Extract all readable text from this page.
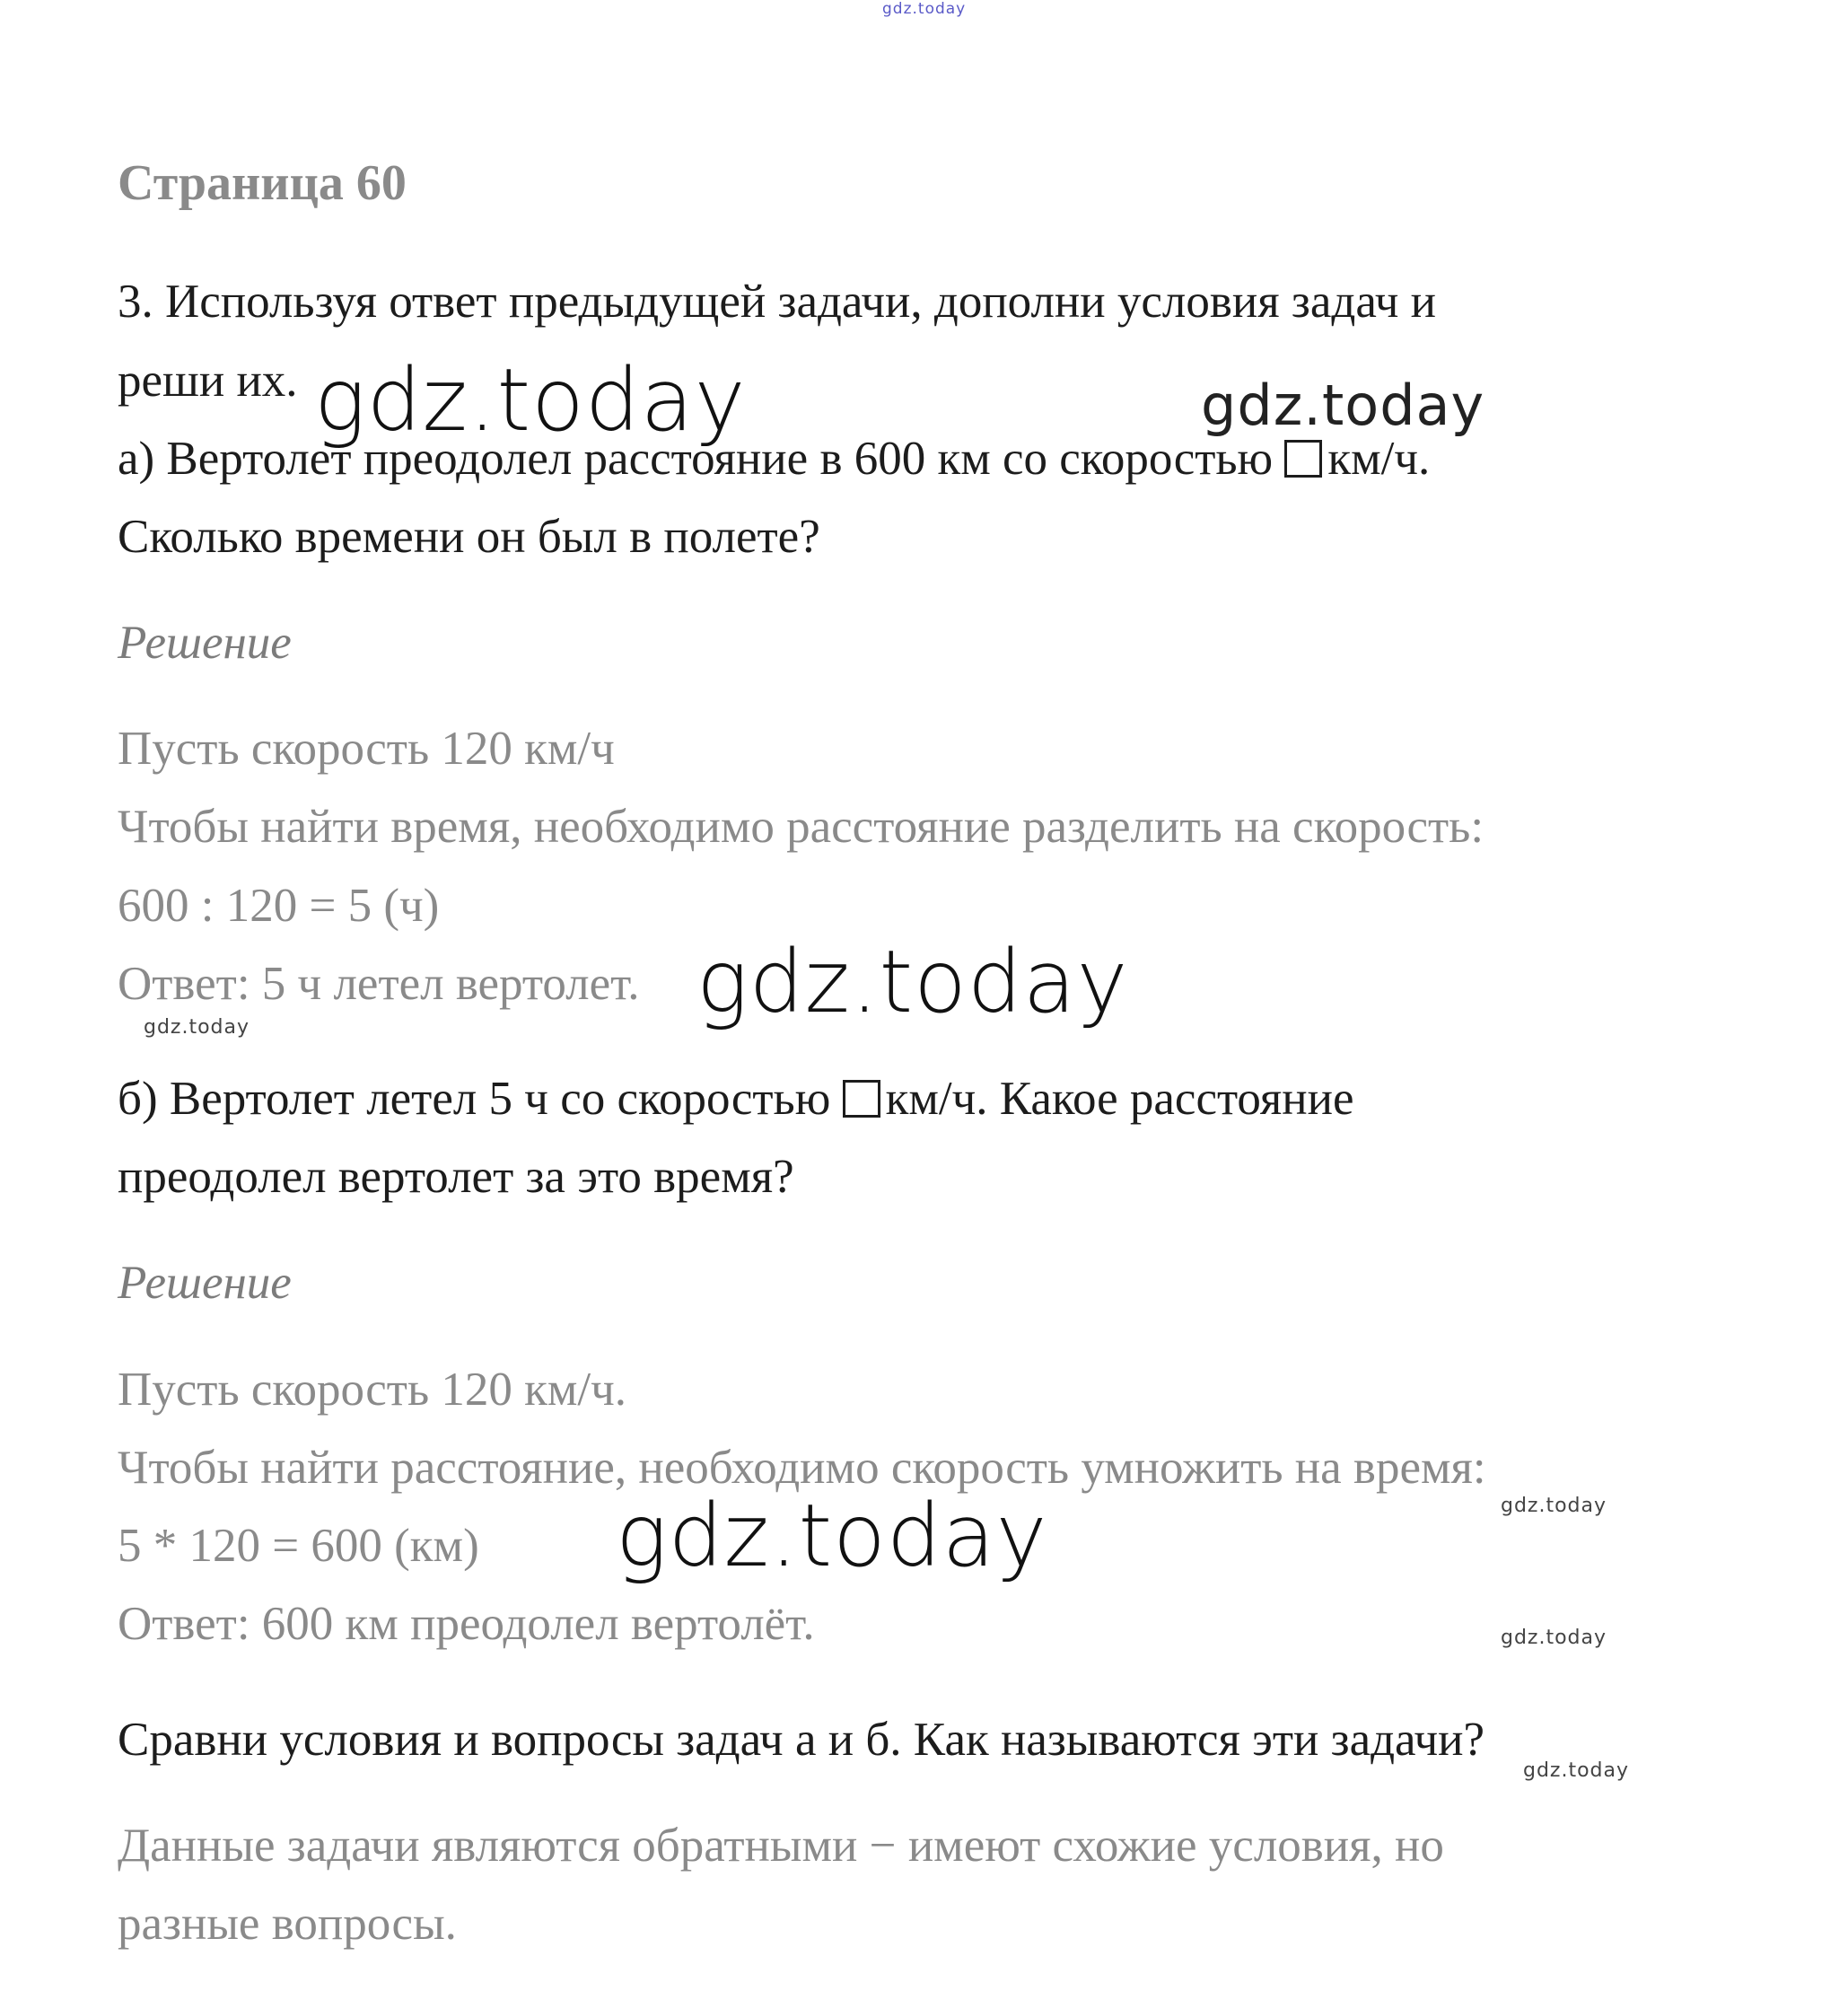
gdz.today
gdz.today	gdz.today
gdz.today
gdz.today
gdz.today	gdz.today
gdz.today
gdz.today
Страница 60
3. Используя ответ предыдущей задачи, дополни условия задач и
реши их.
а) Вертолет преодолел расстояние в 600 км со скоростью км/ч.
Сколько времени он был в полете?
Решение
Пусть скорость 120 км/ч
Чтобы найти время, необходимо расстояние разделить на скорость:
600 : 120 = 5 (ч)
Ответ: 5 ч летел вертолет.
б) Вертолет летел 5 ч со скоростью км/ч. Какое расстояние
преодолел вертолет за это время?
Решение
Пусть скорость 120 км/ч.
Чтобы найти расстояние, необходимо скорость умножить на время:
5 * 120 = 600 (км)
Ответ: 600 км преодолел вертолёт.
Сравни условия и вопросы задач а и б. Как называются эти задачи?
Данные задачи являются обратными − имеют схожие условия, но
разные вопросы.
